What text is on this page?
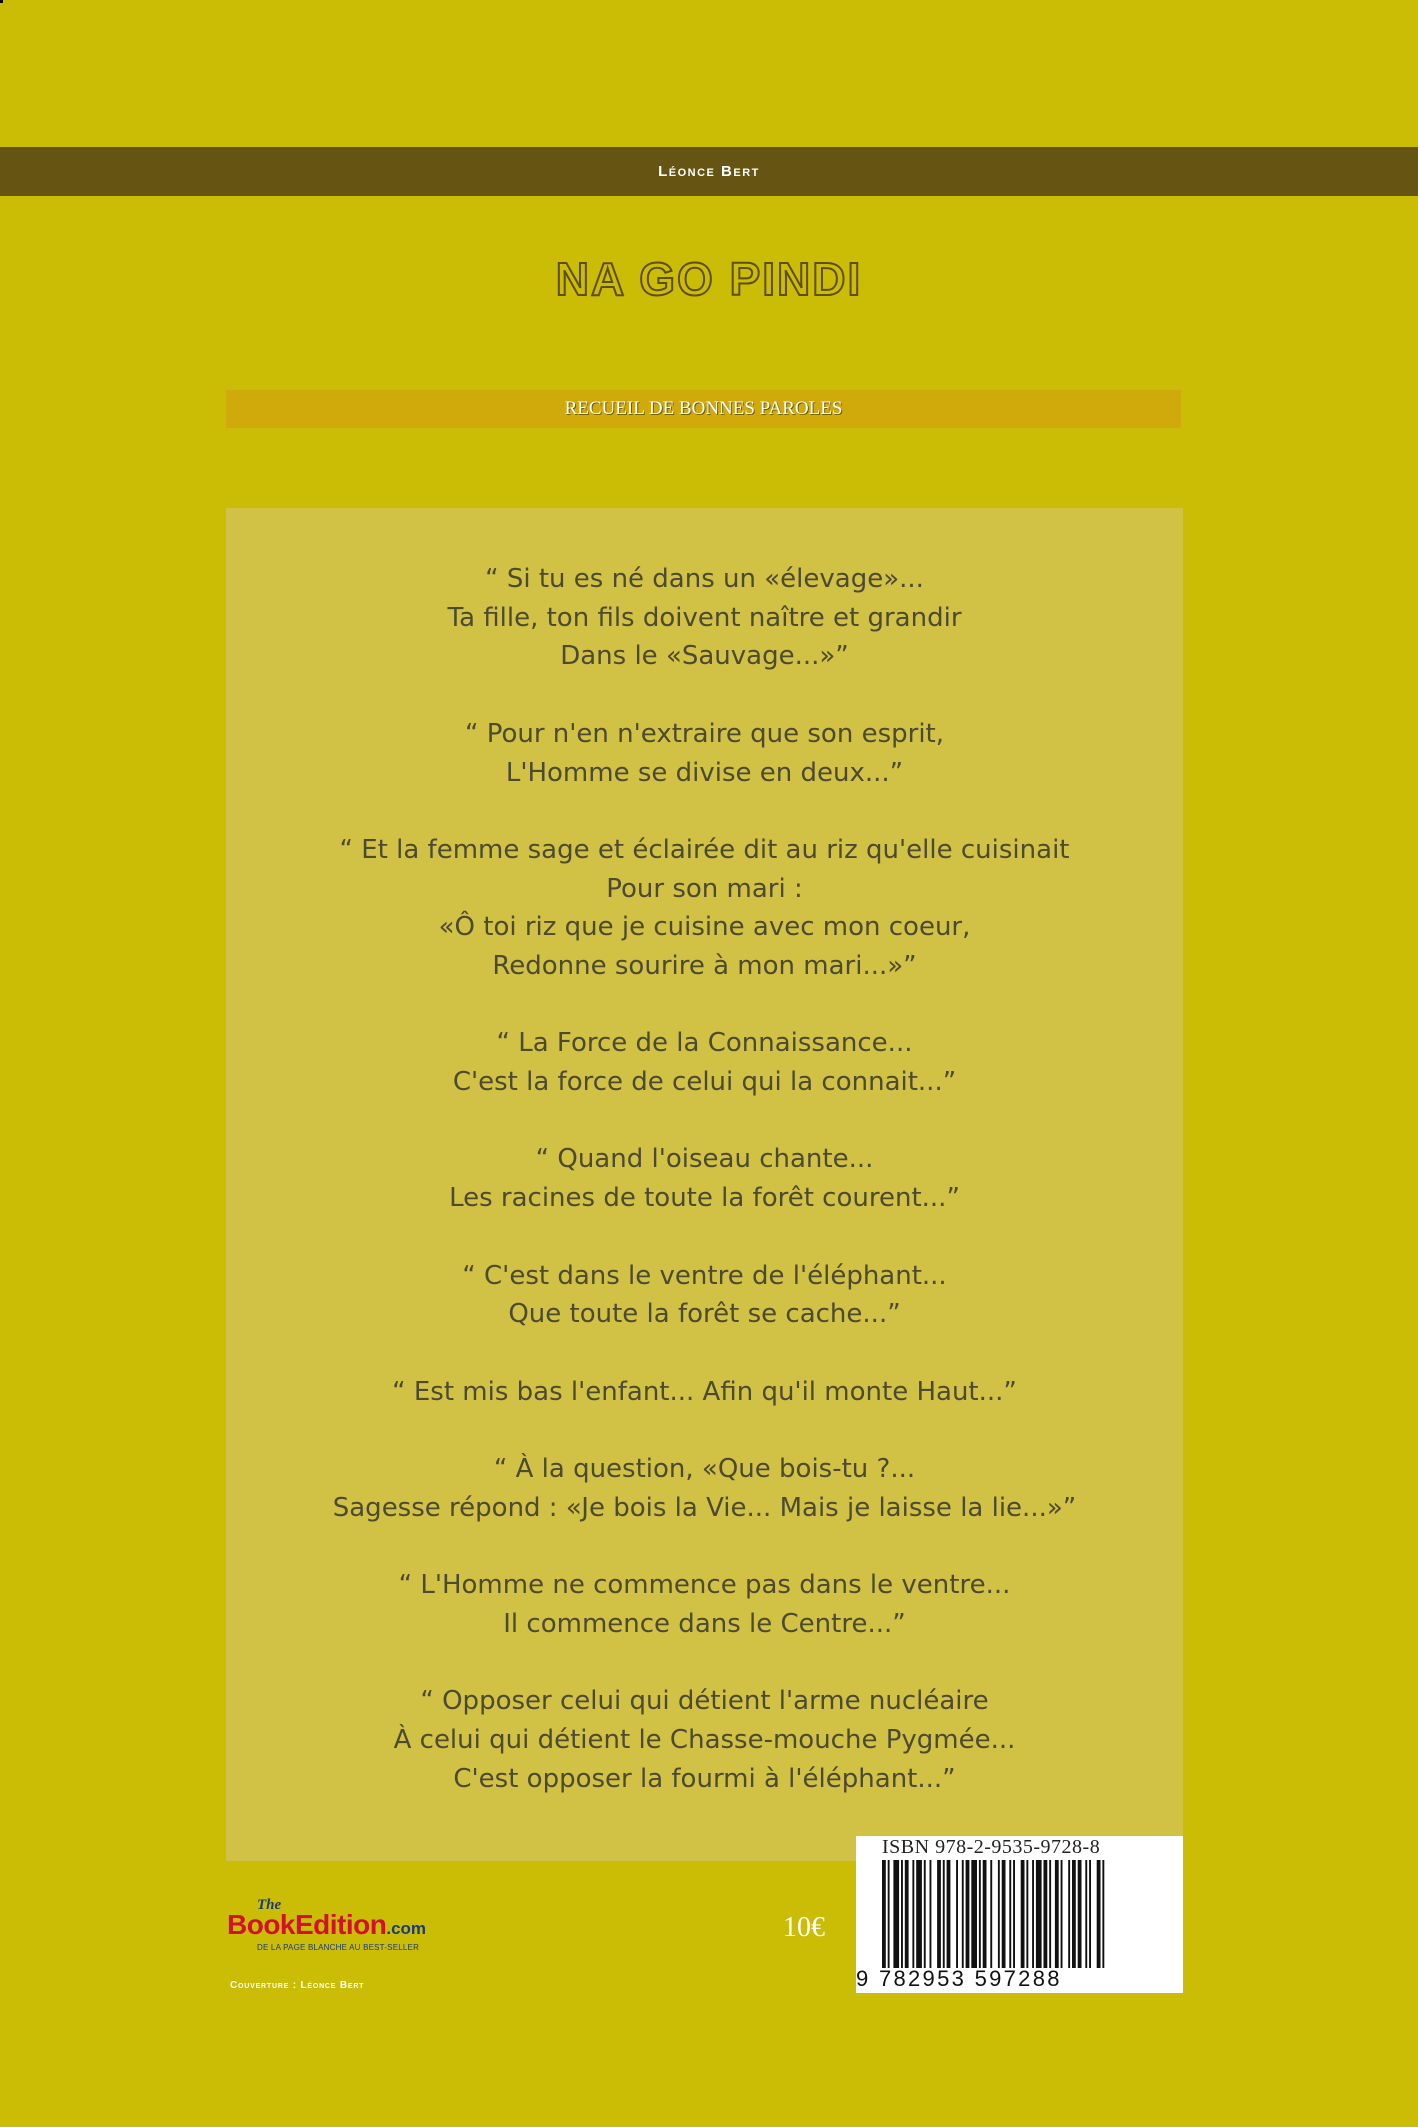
Léonce Bert
NA GO PINDI
RECUEIL DE BONNES PAROLES

“ Si tu es né dans un «élevage»...
Ta fille, ton fils doivent naître et grandir
Dans le «Sauvage...»”

“ Pour n'en n'extraire que son esprit,
L'Homme se divise en deux...”

“ Et la femme sage et éclairée dit au riz qu'elle cuisinait
Pour son mari :
«Ô toi riz que je cuisine avec mon coeur,
Redonne sourire à mon mari...»”

“ La Force de la Connaissance...
C'est la force de celui qui la connait...”

“ Quand l'oiseau chante...
Les racines de toute la forêt courent...”

“ C'est dans le ventre de l'éléphant...
Que toute la forêt se cache...”

“ Est mis bas l'enfant... Afin qu'il monte Haut...”

“ À la question, «Que bois-tu ?...
Sagesse répond : «Je bois la Vie... Mais je laisse la lie...»”

“ L'Homme ne commence pas dans le ventre...
Il commence dans le Centre...”

“ Opposer celui qui détient l'arme nucléaire
À celui qui détient le Chasse-mouche Pygmée...
C'est opposer la fourmi à l'éléphant...”

The
BookEdition.com
DE LA PAGE BLANCHE AU BEST-SELLER
Couverture : Léonce Bert
10€
ISBN 978-2-9535-9728-8
9 782953 597288
